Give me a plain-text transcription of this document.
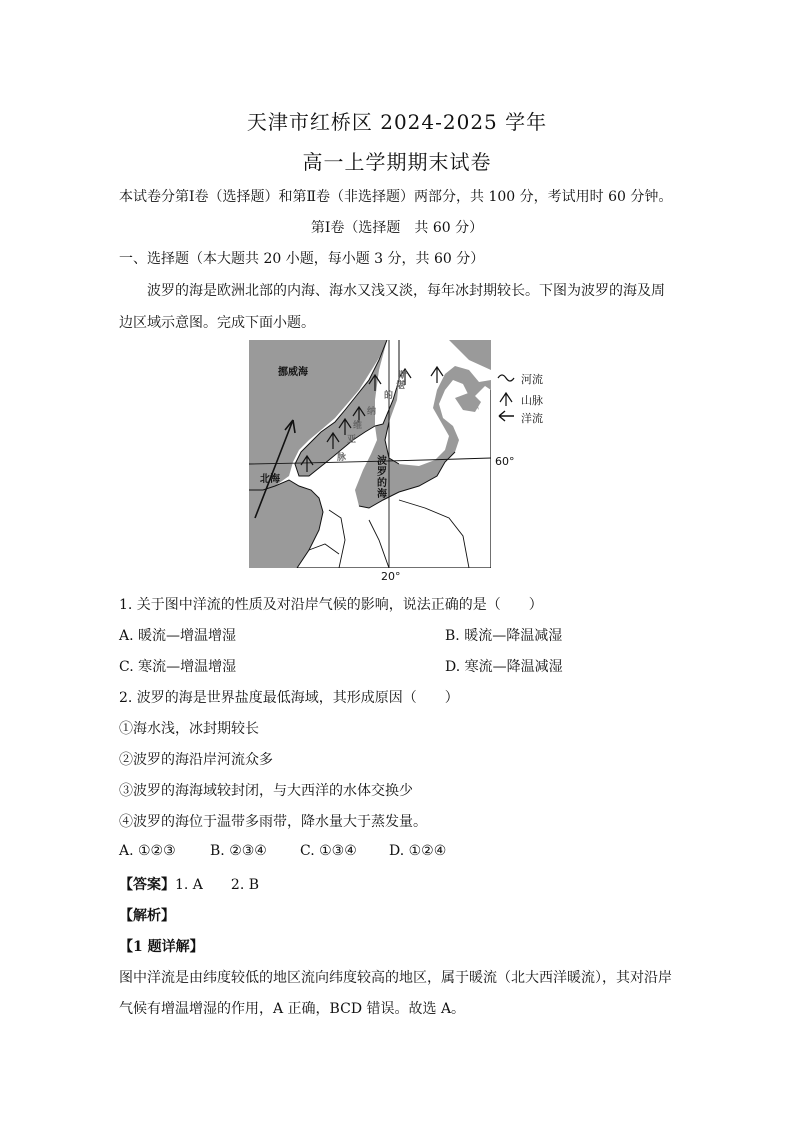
天津市红桥区 2024-2025 学年
高一上学期期末试卷
本试卷分第Ⅰ卷（选择题）和第Ⅱ卷（非选择题）两部分，共 100 分，考试用时 60 分钟。
第Ⅰ卷（选择题　共 60 分）
一、选择题（本大题共 20 小题，每小题 3 分，共 60 分）
波罗的海是欧洲北部的内海、海水又浅又淡，每年冰封期较长。下图为波罗的海及周
边区域示意图。完成下面小题。
挪威海
北海
波
罗
的
海
脉
亚
维
纳
的
堪
斯
60°
20°
河流
山脉
洋流
1. 关于图中洋流的性质及对沿岸气候的影响，说法正确的是（　　）
A. 暖流—增温增湿	B. 暖流—降温减湿
C. 寒流—增温增湿	D. 寒流—降温减湿
2. 波罗的海是世界盐度最低海域，其形成原因（　　）
①海水浅，冰封期较长
②波罗的海沿岸河流众多
③波罗的海海域较封闭，与大西洋的水体交换少
④波罗的海位于温带多雨带，降水量大于蒸发量。
A. ①②③ B. ②③④ C. ①③④ D. ①②④
【答案】1. A　　2. B
【解析】
【1 题详解】
图中洋流是由纬度较低的地区流向纬度较高的地区，属于暖流（北大西洋暖流），其对沿岸
气候有增温增湿的作用，A 正确，BCD 错误。故选 A。
